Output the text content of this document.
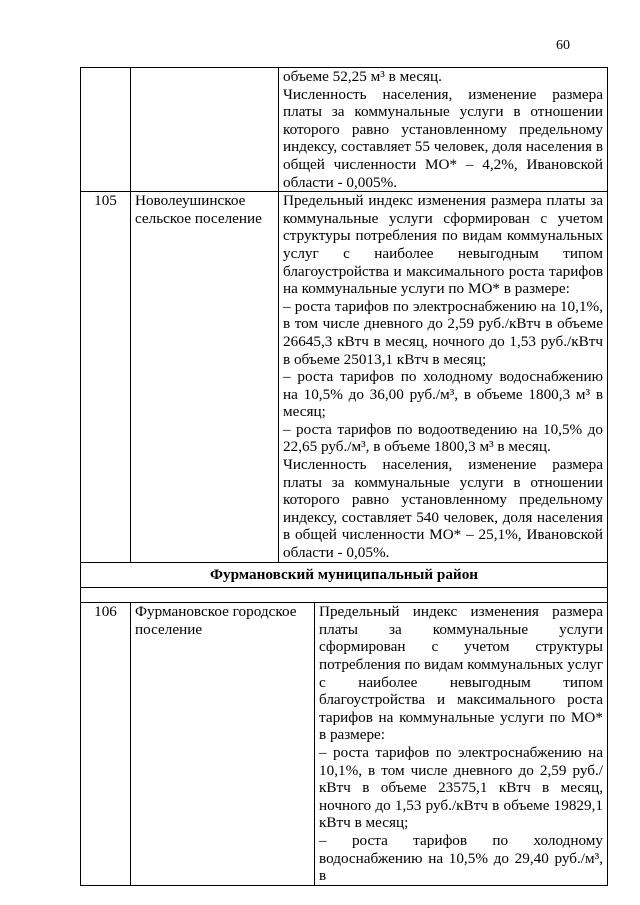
60

		объеме 52,25 м³ в месяц.
Численность населения, изменение размера платы за коммунальные услуги в отношении которого равно установленному предельному индексу, составляет 55 человек, доля населения в общей численности МО* – 4,2%, Ивановской области - 0,005%.	

105	Новолеушинское сельское поселение	Предельный индекс изменения размера платы за коммунальные услуги сформирован с учетом структуры потребления по видам коммунальных услуг с наиболее невыгодным типом благоустройства и максимального роста тарифов на коммунальные услуги по МО* в размере:
– роста тарифов по электроснабжению на 10,1%, в том числе дневного до 2,59 руб./кВтч в объеме 26645,3 кВтч в месяц, ночного до 1,53 руб./кВтч в объеме 25013,1 кВтч в месяц;
– роста тарифов по холодному водоснабжению на 10,5% до 36,00 руб./м³, в объеме 1800,3 м³ в месяц;
– роста тарифов по водоотведению на 10,5% до 22,65 руб./м³, в объеме 1800,3 м³ в месяц.
Численность населения, изменение размера платы за коммунальные услуги в отношении которого равно установленному предельному индексу, составляет 540 человек, доля населения в общей численности МО* – 25,1%, Ивановской области - 0,05%.	

Фурмановский муниципальный район			

106	Фурмановское городское поселение		Предельный индекс изменения размера платы за коммунальные услуги сформирован с учетом структуры потребления по видам коммунальных услуг с наиболее невыгодным типом благоустройства и максимального роста тарифов на коммунальные услуги по МО* в размере:
– роста тарифов по электроснабжению на 10,1%, в том числе дневного до 2,59 руб./кВтч в объеме 23575,1 кВтч в месяц, ночного до 1,53 руб./кВтч в объеме 19829,1 кВтч в месяц;
– роста тарифов по холодному водоснабжению на 10,5% до 29,40 руб./м³, в
